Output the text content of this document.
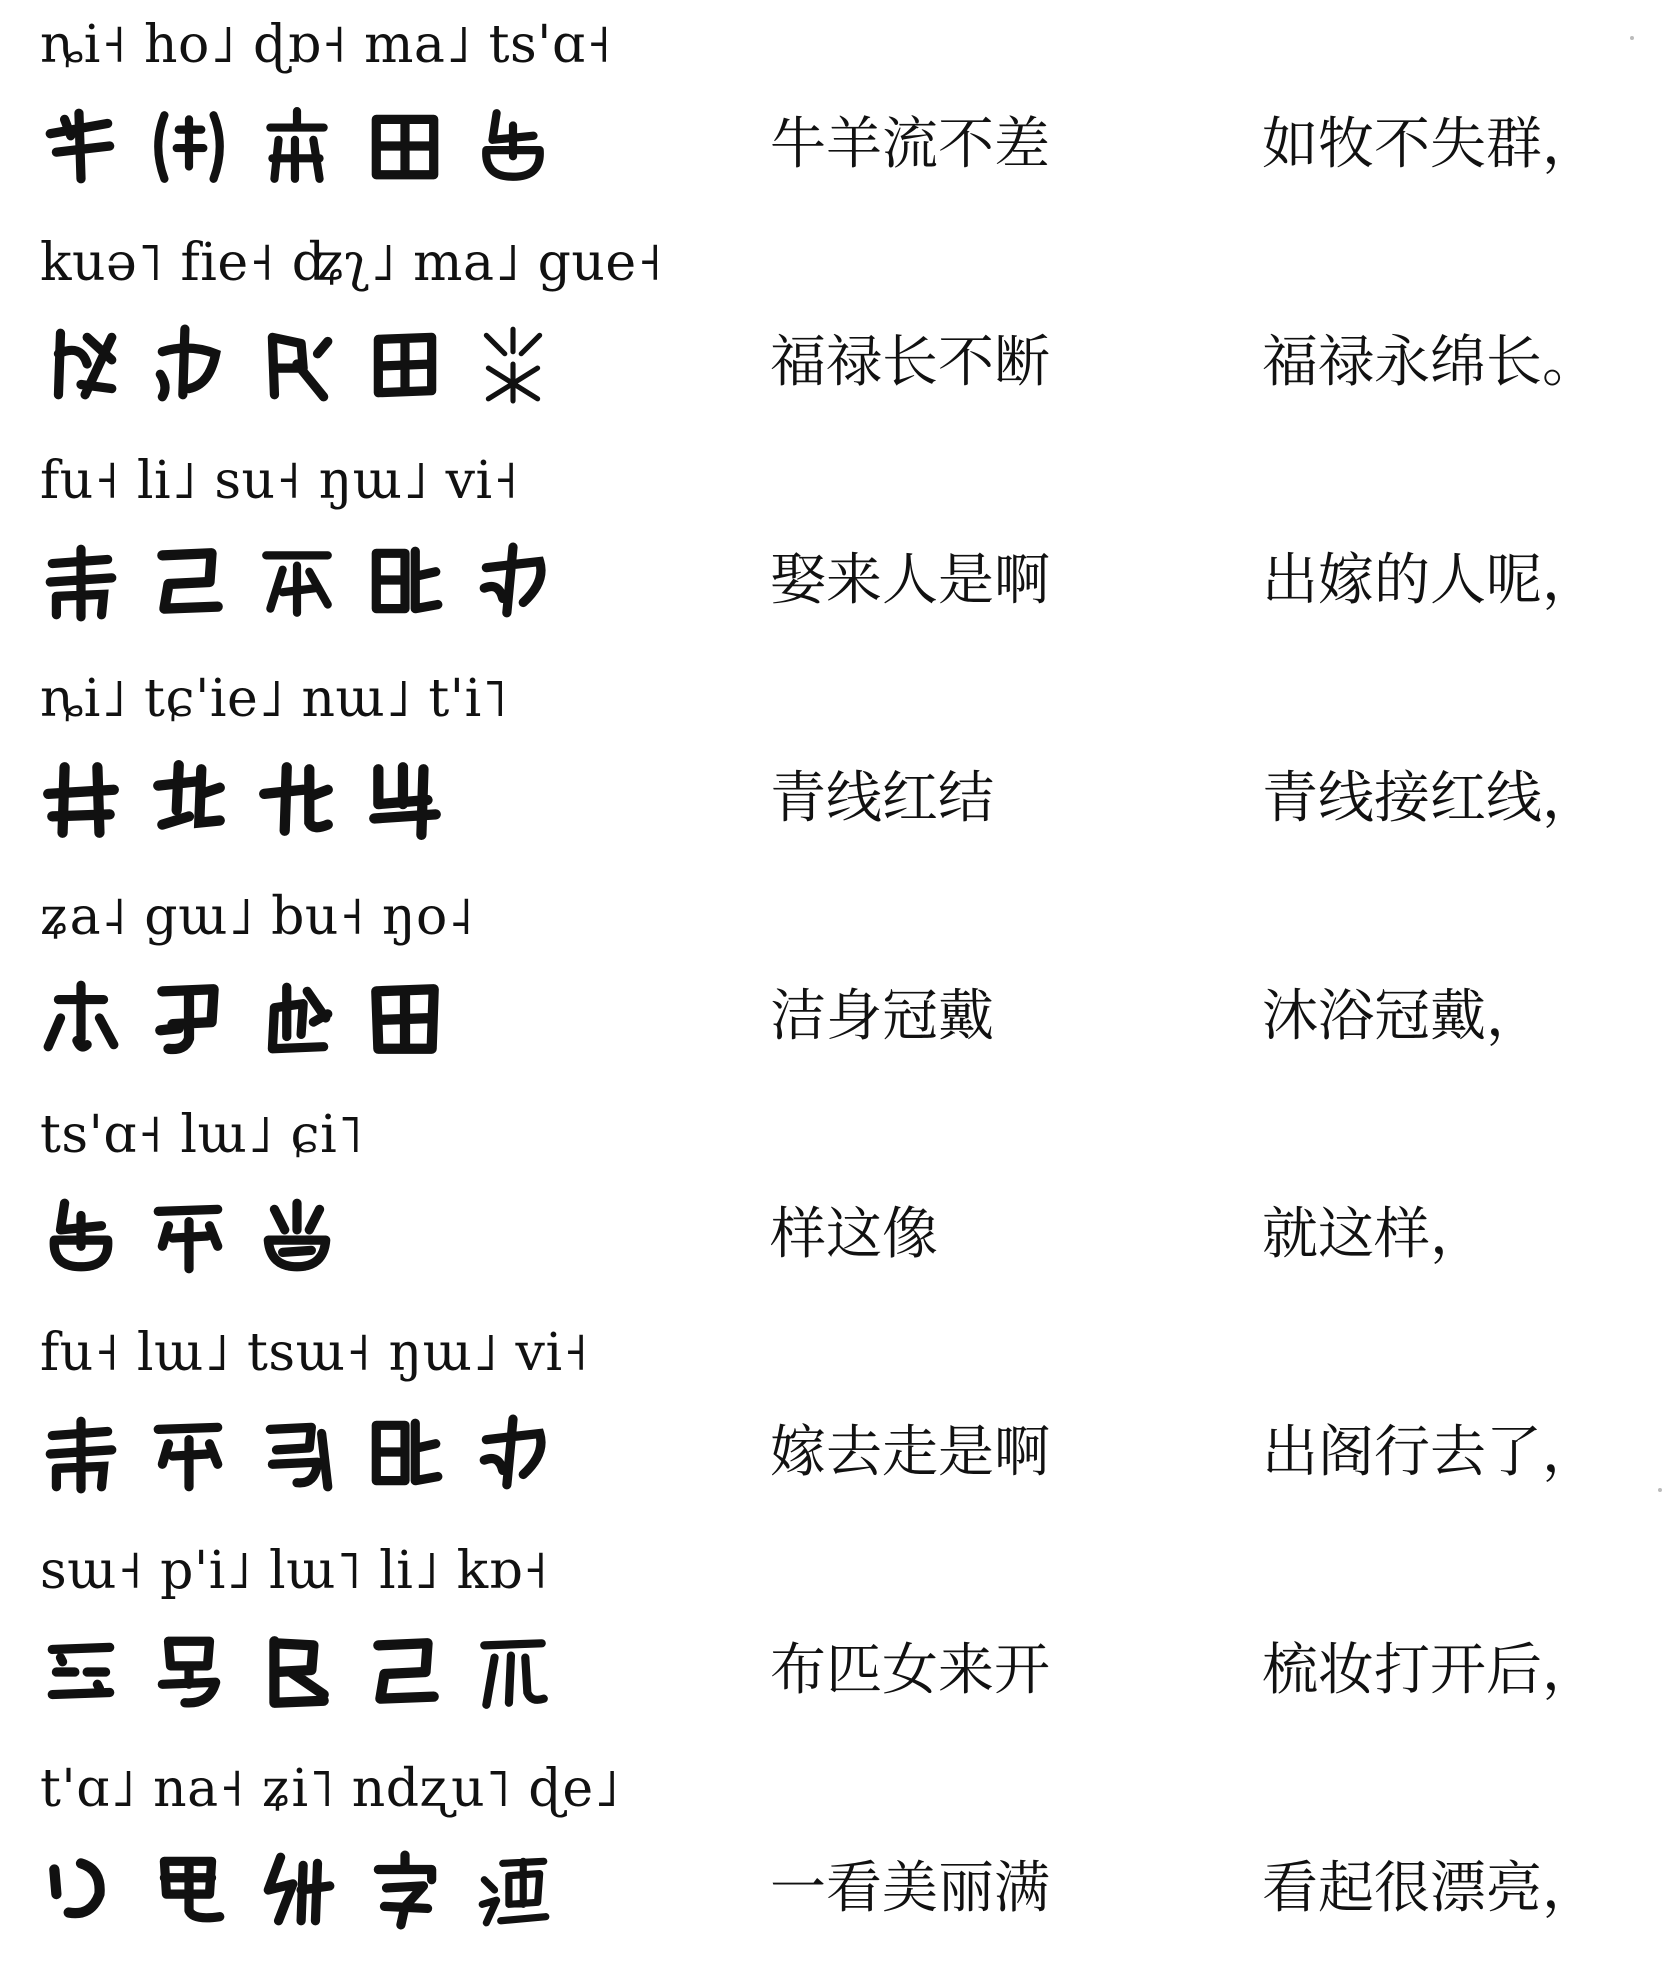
ȵi˧ ho˩ ɖɒ˧ ma˩ ts'ɑ˧
牛羊流不差	如牧不失群，
kuə˥ fie˧ ʥʅ˩ ma˩ gue˧
福禄长不断	福禄永绵长。
fu˧ li˩ su˧ ŋɯ˩ vi˧
娶来人是啊	出嫁的人呢，
ȵi˩ tɕ'ie˩ nɯ˩ t'i˥
青线红结	青线接红线，
ʑa˨ gɯ˩ bu˧ ŋo˨
洁身冠戴	沐浴冠戴，
ts'ɑ˧ lɯ˩ ɕi˥
样这像	就这样，
fu˧ lɯ˩ tsɯ˧ ŋɯ˩ vi˧
嫁去走是啊	出阁行去了，
sɯ˧ p'i˩ lɯ˥ li˩ kɒ˧
布匹女来开	梳妆打开后，
t'ɑ˩ na˧ ʑi˥ ndʐu˥ ɖe˩
一看美丽满	看起很漂亮，
